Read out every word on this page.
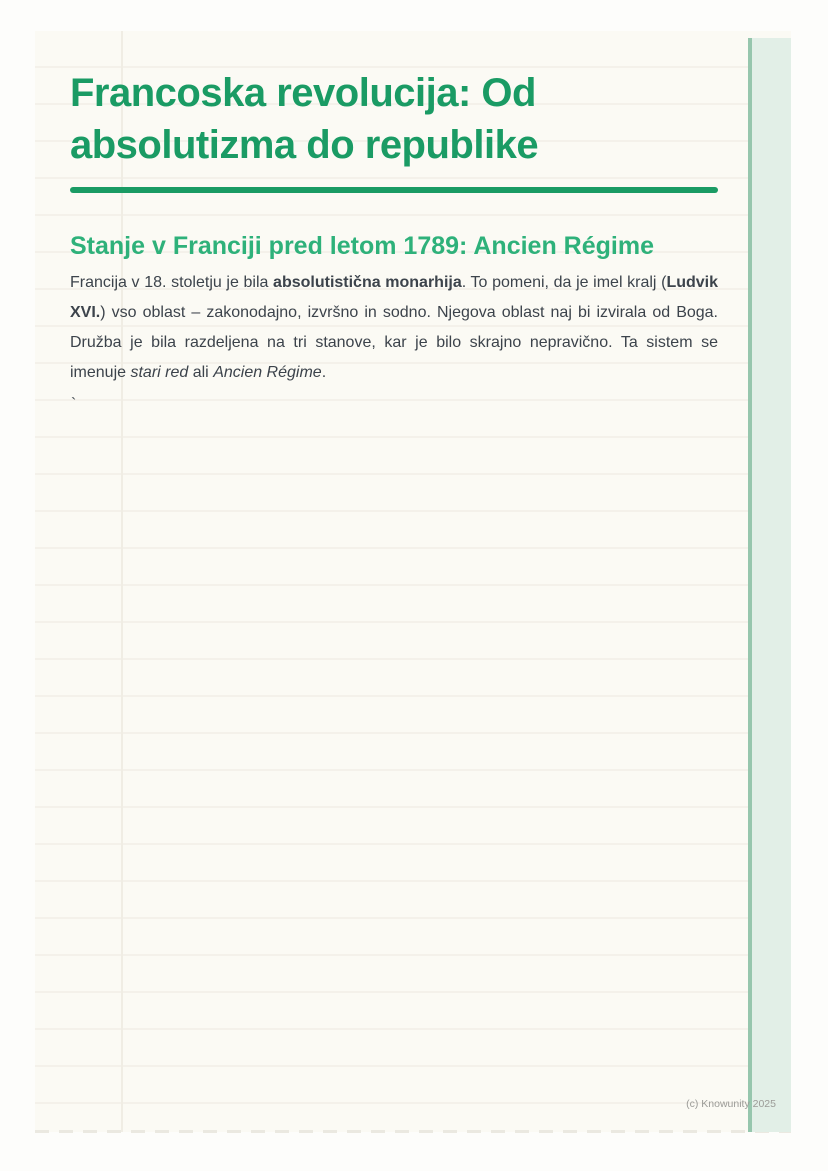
Francoska revolucija: Od absolutizma do republike
Stanje v Franciji pred letom 1789: Ancien Régime

Francija v 18. stoletju je bila absolutistična monarhija. To pomeni, da je imel kralj (Ludvik XVI.) vso oblast – zakonodajno, izvršno in sodno. Njegova oblast naj bi izvirala od Boga. Družba je bila razdeljena na tri stanove, kar je bilo skrajno nepravično. Ta sistem se imenuje stari red ali Ancien Régime.

`
(c) Knowunity 2025
